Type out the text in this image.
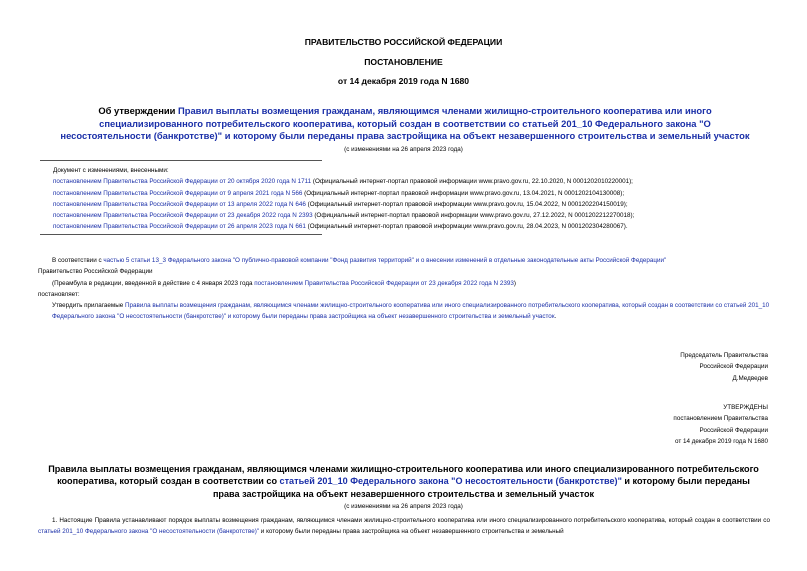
ПРАВИТЕЛЬСТВО РОССИЙСКОЙ ФЕДЕРАЦИИ
ПОСТАНОВЛЕНИЕ
от 14 декабря 2019 года N 1680
Об утверждении Правил выплаты возмещения гражданам, являющимся членами жилищно-строительного кооператива или иного специализированного потребительского кооператива, который создан в соответствии со статьей 201_10 Федерального закона "О несостоятельности (банкротстве)" и которому были переданы права застройщика на объект незавершенного строительства и земельный участок
(с изменениями на 26 апреля 2023 года)
Документ с изменениями, внесенными:
постановлением Правительства Российской Федерации от 20 октября 2020 года N 1711 (Официальный интернет-портал правовой информации www.pravo.gov.ru, 22.10.2020, N 0001202010220001);
постановлением Правительства Российской Федерации от 9 апреля 2021 года N 566 (Официальный интернет-портал правовой информации www.pravo.gov.ru, 13.04.2021, N 0001202104130008);
постановлением Правительства Российской Федерации от 13 апреля 2022 года N 646 (Официальный интернет-портал правовой информации www.pravo.gov.ru, 15.04.2022, N 0001202204150019);
постановлением Правительства Российской Федерации от 23 декабря 2022 года N 2393 (Официальный интернет-портал правовой информации www.pravo.gov.ru, 27.12.2022, N 0001202212270018);
постановлением Правительства Российской Федерации от 26 апреля 2023 года N 661 (Официальный интернет-портал правовой информации www.pravo.gov.ru, 28.04.2023, N 0001202304280067).
В соответствии с частью 5 статьи 13_3 Федерального закона "О публично-правовой компании "Фонд развития территорий" и о внесении изменений в отдельные законодательные акты Российской Федерации"
Правительство Российской Федерации
(Преамбула в редакции, введенной в действие с 4 января 2023 года постановлением Правительства Российской Федерации от 23 декабря 2022 года N 2393)
постановляет:
Утвердить прилагаемые Правила выплаты возмещения гражданам, являющимся членами жилищно-строительного кооператива или иного специализированного потребительского кооператива, который создан в соответствии со статьей 201_10 Федерального закона "О несостоятельности (банкротстве)" и которому были переданы права застройщика на объект незавершенного строительства и земельный участок.
Председатель Правительства
Российской Федерации
Д.Медведев
УТВЕРЖДЕНЫ
постановлением Правительства
Российской Федерации
от 14 декабря 2019 года N 1680
Правила выплаты возмещения гражданам, являющимся членами жилищно-строительного кооператива или иного специализированного потребительского кооператива, который создан в соответствии со статьей 201_10 Федерального закона "О несостоятельности (банкротстве)" и которому были переданы права застройщика на объект незавершенного строительства и земельный участок
(с изменениями на 26 апреля 2023 года)
1. Настоящие Правила устанавливают порядок выплаты возмещения гражданам, являющимся членами жилищно-строительного кооператива или иного специализированного потребительского кооператива, который создан в соответствии со статьей 201_10 Федерального закона "О несостоятельности (банкротстве)" и которому были переданы права застройщика на объект незавершенного строительства и земельный
